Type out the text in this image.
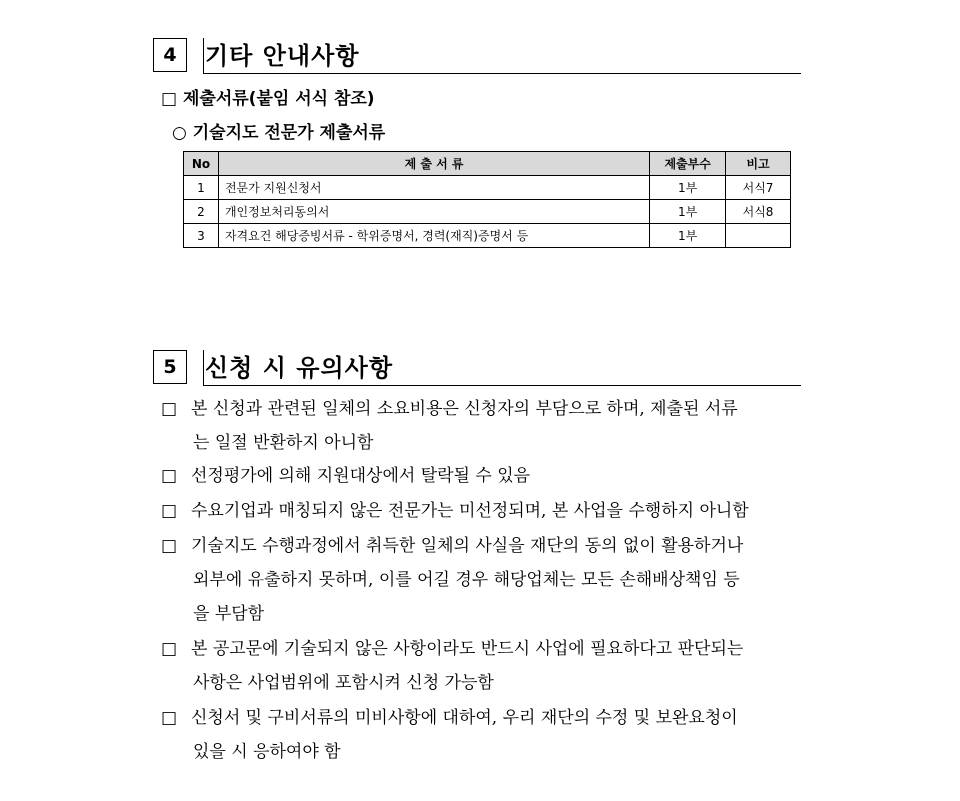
4	기타 안내사항
□ 제출서류(붙임 서식 참조)
○ 기술지도 전문가 제출서류
No	제 출 서 류	제출부수	비고
1	전문가 지원신청서	1부	서식7
2	개인정보처리동의서	1부	서식8
3	자격요건 해당증빙서류 - 학위증명서, 경력(재직)증명서 등	1부	
5	신청 시 유의사항
□ 본 신청과 관련된 일체의 소요비용은 신청자의 부담으로 하며, 제출된 서류
는 일절 반환하지 아니함
□ 선정평가에 의해 지원대상에서 탈락될 수 있음
□ 수요기업과 매칭되지 않은 전문가는 미선정되며, 본 사업을 수행하지 아니함
□ 기술지도 수행과정에서 취득한 일체의 사실을 재단의 동의 없이 활용하거나
외부에 유출하지 못하며, 이를 어길 경우 해당업체는 모든 손해배상책임 등
을 부담함
□ 본 공고문에 기술되지 않은 사항이라도 반드시 사업에 필요하다고 판단되는
사항은 사업범위에 포함시켜 신청 가능함
□ 신청서 및 구비서류의 미비사항에 대하여, 우리 재단의 수정 및 보완요청이
있을 시 응하여야 함
